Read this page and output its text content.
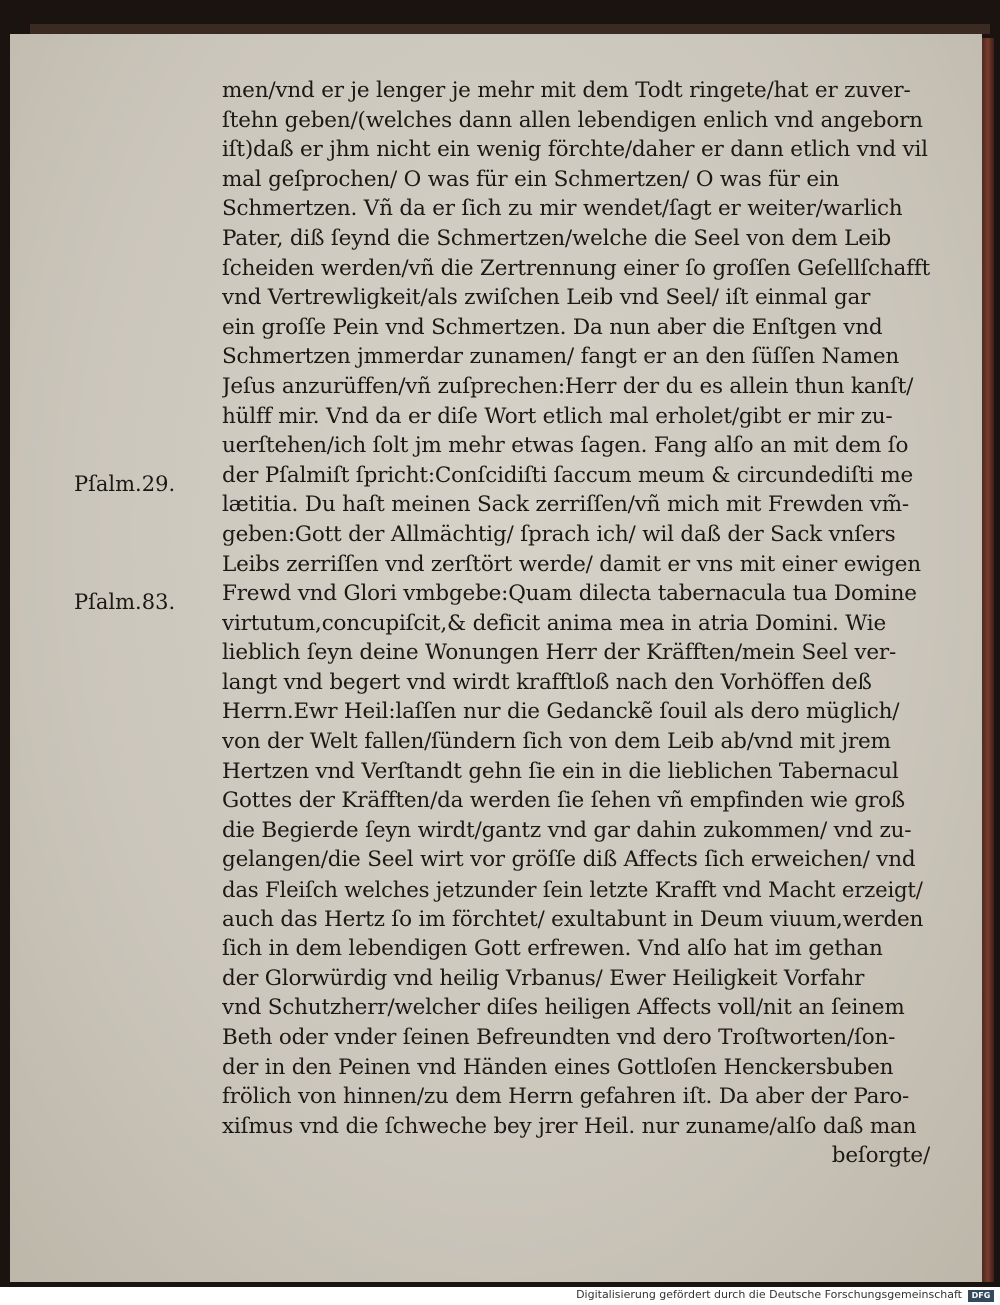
Pſalm.29.
Pſalm.83.
men/vnd er je lenger je mehr mit dem Todt ringete/hat er zuver-
ſtehn geben/(welches dann allen lebendigen enlich vnd angeborn
iſt)daß er jhm nicht ein wenig förchte/daher er dann etlich vnd vil
mal geſprochen/ O was für ein Schmertzen/ O was für ein
Schmertzen. Vñ da er ſich zu mir wendet/ſagt er weiter/warlich
Pater, diß ſeynd die Schmertzen/welche die Seel von dem Leib
ſcheiden werden/vñ die Zertrennung einer ſo groſſen Geſellſchafft
vnd Vertrewligkeit/als zwiſchen Leib vnd Seel/ iſt einmal gar
ein groſſe Pein vnd Schmertzen. Da nun aber die Enſtgen vnd
Schmertzen jmmerdar zunamen/ fangt er an den ſüſſen Namen
Jeſus anzurüffen/vñ zuſprechen:Herr der du es allein thun kanſt/
hülff mir. Vnd da er diſe Wort etlich mal erholet/gibt er mir zu-
uerſtehen/ich ſolt jm mehr etwas ſagen. Fang alſo an mit dem ſo
der Pſalmiſt ſpricht:Conſcidiſti ſaccum meum & circundediſti me
lætitia. Du haſt meinen Sack zerriſſen/vñ mich mit Frewden vm̃-
geben:Gott der Allmächtig/ ſprach ich/ wil daß der Sack vnſers
Leibs zerriſſen vnd zerſtört werde/ damit er vns mit einer ewigen
Frewd vnd Glori vmbgebe:Quam dilecta tabernacula tua Domine
virtutum,concupiſcit,& deficit anima mea in atria Domini. Wie
lieblich ſeyn deine Wonungen Herr der Kräfften/mein Seel ver-
langt vnd begert vnd wirdt krafftloß nach den Vorhöffen deß
Herrn.Ewr Heil:laſſen nur die Gedanckẽ ſouil als dero müglich/
von der Welt fallen/ſündern ſich von dem Leib ab/vnd mit jrem
Hertzen vnd Verſtandt gehn ſie ein in die lieblichen Tabernacul
Gottes der Kräfften/da werden ſie ſehen vñ empfinden wie groß
die Begierde ſeyn wirdt/gantz vnd gar dahin zukommen/ vnd zu-
gelangen/die Seel wirt vor gröſſe diß Affects ſich erweichen/ vnd
das Fleiſch welches jetzunder ſein letzte Krafft vnd Macht erzeigt/
auch das Hertz ſo im förchtet/ exultabunt in Deum viuum,werden
ſich in dem lebendigen Gott erfrewen. Vnd alſo hat im gethan
der Glorwürdig vnd heilig Vrbanus/ Ewer Heiligkeit Vorfahr
vnd Schutzherr/welcher diſes heiligen Affects voll/nit an ſeinem
Beth oder vnder ſeinen Befreundten vnd dero Troſtworten/ſon-
der in den Peinen vnd Händen eines Gottloſen Henckersbuben
frölich von hinnen/zu dem Herrn gefahren iſt. Da aber der Paro-
xiſmus vnd die ſchweche bey jrer Heil. nur zuname/alſo daß man
beſorgte/
Digitalisierung gefördert durch die Deutsche Forschungsgemeinschaft	DFG
